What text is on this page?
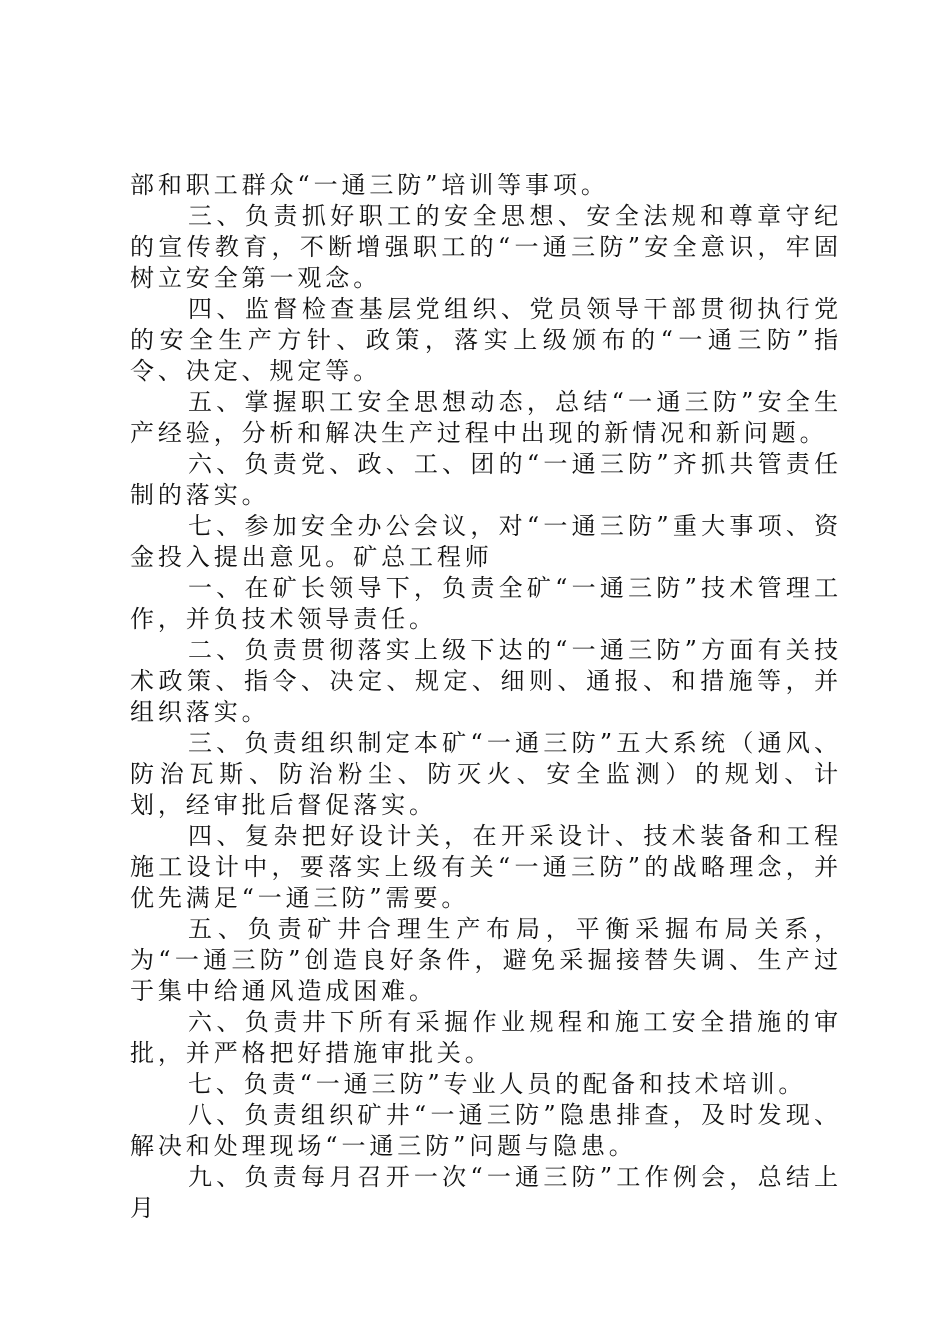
部和职工群众“一通三防”培训等事项。

三、负责抓好职工的安全思想、安全法规和尊章守纪的宣传教育，不断增强职工的“一通三防”安全意识，牢固树立安全第一观念。

四、监督检查基层党组织、党员领导干部贯彻执行党的安全生产方针、政策，落实上级颁布的“一通三防”指令、决定、规定等。

五、掌握职工安全思想动态，总结“一通三防”安全生产经验，分析和解决生产过程中出现的新情况和新问题。

六、负责党、政、工、团的“一通三防”齐抓共管责任制的落实。

七、参加安全办公会议，对“一通三防”重大事项、资金投入提出意见。矿总工程师

一、在矿长领导下，负责全矿“一通三防”技术管理工作，并负技术领导责任。

二、负责贯彻落实上级下达的“一通三防”方面有关技术政策、指令、决定、规定、细则、通报、和措施等，并组织落实。

三、负责组织制定本矿“一通三防”五大系统（通风、防治瓦斯、防治粉尘、防灭火、安全监测）的规划、计划，经审批后督促落实。

四、复杂把好设计关，在开采设计、技术装备和工程施工设计中，要落实上级有关“一通三防”的战略理念，并优先满足“一通三防”需要。

五、负责矿井合理生产布局，平衡采掘布局关系，为“一通三防”创造良好条件，避免采掘接替失调、生产过于集中给通风造成困难。

六、负责井下所有采掘作业规程和施工安全措施的审批，并严格把好措施审批关。

七、负责“一通三防”专业人员的配备和技术培训。

八、负责组织矿井“一通三防”隐患排查，及时发现、解决和处理现场“一通三防”问题与隐患。

九、负责每月召开一次“一通三防”工作例会，总结上月
